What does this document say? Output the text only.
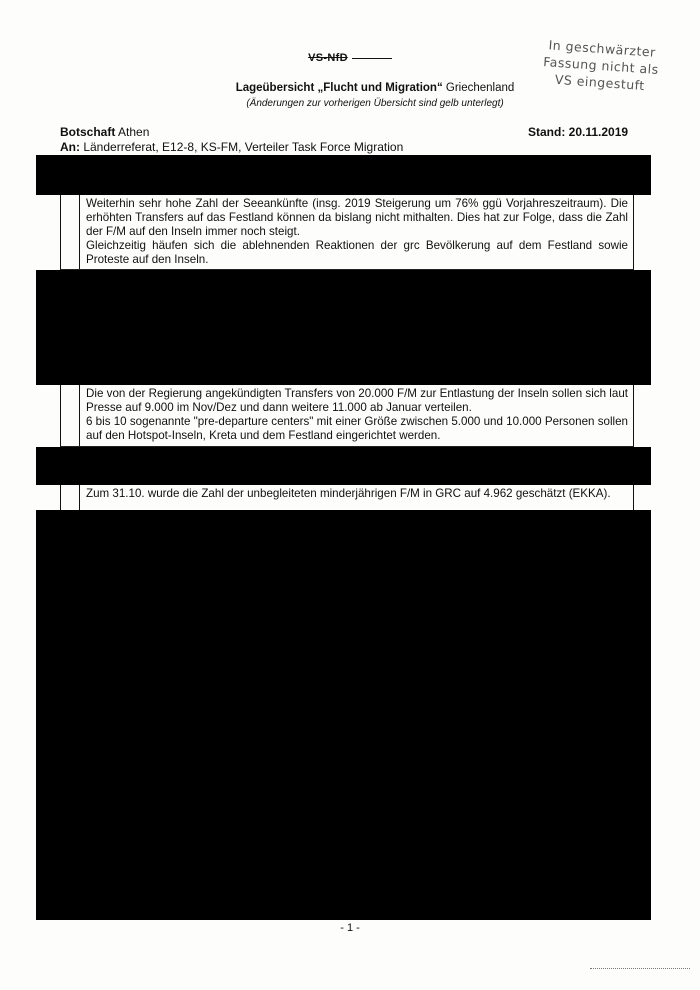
VS-NfD	In geschwärzter
Fassung nicht als
VS eingestuft
Lageübersicht „Flucht und Migration“ Griechenland
(Änderungen zur vorherigen Übersicht sind gelb unterlegt)
Botschaft Athen
An: Länderreferat, E12-8, KS-FM, Verteiler Task Force Migration
Stand: 20.11.2019

Weiterhin sehr hohe Zahl der Seeankünfte (insg. 2019 Steigerung um 76% ggü Vorjahreszeitraum). Die erhöhten Transfers auf das Festland können da bislang nicht mithalten. Dies hat zur Folge, dass die Zahl der F/M auf den Inseln immer noch steigt.

Gleichzeitig häufen sich die ablehnenden Reaktionen der grc Bevölkerung auf dem Festland sowie Proteste auf den Inseln.

Die von der Regierung angekündigten Transfers von 20.000 F/M zur Entlastung der Inseln sollen sich laut Presse auf 9.000 im Nov/Dez und dann weitere 11.000 ab Januar verteilen.

6 bis 10 sogenannte "pre-departure centers" mit einer Größe zwischen 5.000 und 10.000 Personen sollen auf den Hotspot-Inseln, Kreta und dem Festland eingerichtet werden.

Zum 31.10. wurde die Zahl der unbegleiteten minderjährigen F/M in GRC auf 4.962 geschätzt (EKKA).

- 1 -
